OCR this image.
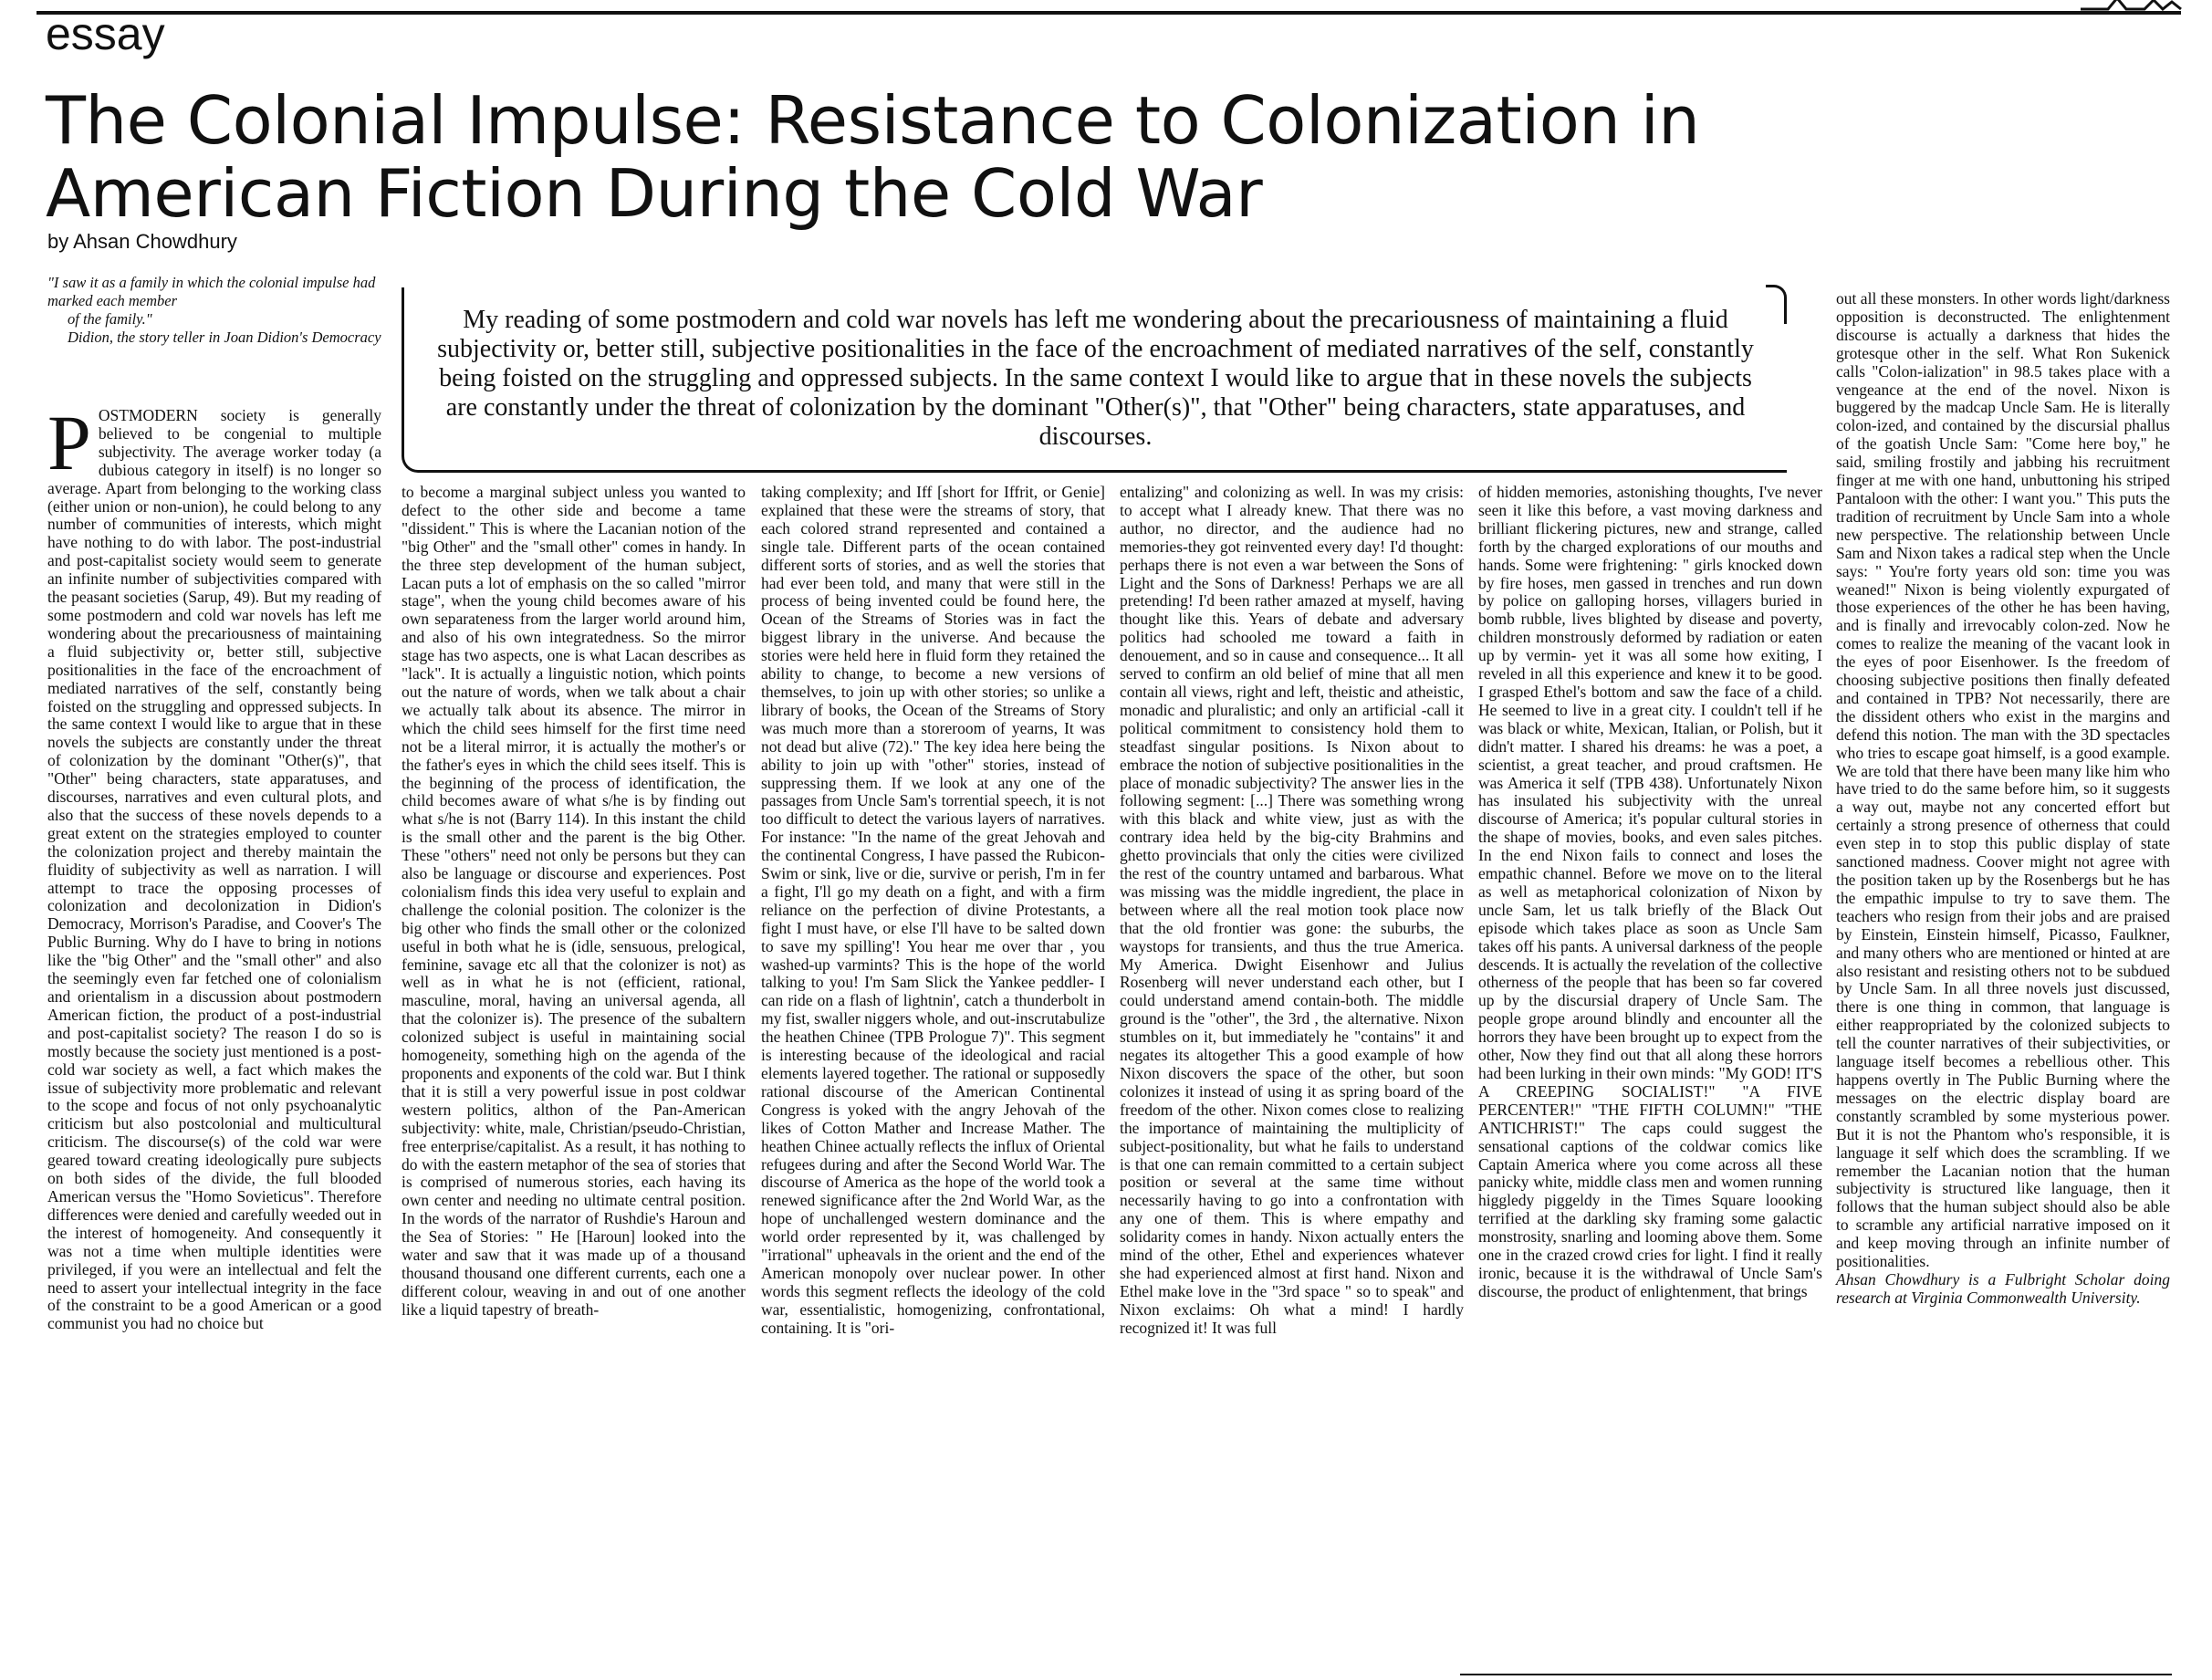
essay
The Colonial Impulse: Resistance to Colonization in American Fiction During the Cold War
by Ahsan Chowdhury

"I saw it as a family in which the colonial impulse had marked each member

of the family."

Didion, the story teller in Joan Didion's Democracy

My reading of some postmodern and cold war novels has left me wondering about the precariousness of maintaining a fluid subjectivity or, better still, subjective positionalities in the face of the encroachment of mediated narratives of the self, constantly being foisted on the struggling and oppressed subjects. In the same context I would like to argue that in these novels the subjects are constantly under the threat of colonization by the dominant "Other(s)", that "Other" being characters, state apparatuses, and discourses.

P OSTMODERN society is generally believed to be congenial to multiple subjectivity. The average worker today (a dubious category in itself) is no longer so average. Apart from belonging to the working class (either union or non-union), he could belong to any number of communities of interests, which might have nothing to do with labor. The post-industrial and post-capitalist society would seem to generate an infinite number of subjectivities compared with the peasant societies (Sarup, 49). But my reading of some postmodern and cold war novels has left me wondering about the precariousness of maintaining a fluid subjectivity or, better still, subjective positionalities in the face of the encroachment of mediated narratives of the self, constantly being foisted on the struggling and oppressed subjects. In the same context I would like to argue that in these novels the subjects are constantly under the threat of colonization by the dominant "Other(s)", that "Other" being characters, state apparatuses, and discourses, narratives and even cultural plots, and also that the success of these novels depends to a great extent on the strategies employed to counter the colonization project and thereby maintain the fluidity of subjectivity as well as narration. I will attempt to trace the opposing processes of colonization and decolonization in Didion's Democracy, Morrison's Paradise, and Coover's The Public Burning. Why do I have to bring in notions like the "big Other" and the "small other" and also the seemingly even far fetched one of colonialism and orientalism in a discussion about postmodern American fiction, the product of a post-industrial and post-capitalist society? The reason I do so is mostly because the society just mentioned is a post-cold war society as well, a fact which makes the issue of subjectivity more problematic and relevant to the scope and focus of not only psychoanalytic criticism but also postcolonial and multicultural criticism. The discourse(s) of the cold war were geared toward creating ideologically pure subjects on both sides of the divide, the full blooded American versus the "Homo Sovieticus". Therefore differences were denied and carefully weeded out in the interest of homogeneity. And consequently it was not a time when multiple identities were privileged, if you were an intellectual and felt the need to assert your intellectual integrity in the face of the constraint to be a good American or a good communist you had no choice but

to become a marginal subject unless you wanted to defect to the other side and become a tame "dissident." This is where the Lacanian notion of the "big Other" and the "small other" comes in handy. In the three step development of the human subject, Lacan puts a lot of emphasis on the so called "mirror stage", when the young child becomes aware of his own separateness from the larger world around him, and also of his own integratedness. So the mirror stage has two aspects, one is what Lacan describes as "lack". It is actually a linguistic notion, which points out the nature of words, when we talk about a chair we actually talk about its absence. The mirror in which the child sees himself for the first time need not be a literal mirror, it is actually the mother's or the father's eyes in which the child sees itself. This is the beginning of the process of identification, the child becomes aware of what s/he is by finding out what s/he is not (Barry 114). In this instant the child is the small other and the parent is the big Other. These "others" need not only be persons but they can also be language or discourse and experiences. Post colonialism finds this idea very useful to explain and challenge the colonial position. The colonizer is the big other who finds the small other or the colonized useful in both what he is (idle, sensuous, prelogical, feminine, savage etc all that the colonizer is not) as well as in what he is not (efficient, rational, masculine, moral, having an universal agenda, all that the colonizer is). The presence of the subaltern colonized subject is useful in maintaining social homogeneity, something high on the agenda of the proponents and exponents of the cold war. But I think that it is still a very powerful issue in post coldwar western politics, althon of the Pan-American subjectivity: white, male, Christian/pseudo-Christian, free enterprise/capitalist. As a result, it has nothing to do with the eastern metaphor of the sea of stories that is comprised of numerous stories, each having its own center and needing no ultimate central position. In the words of the narrator of Rushdie's Haroun and the Sea of Stories: " He [Haroun] looked into the water and saw that it was made up of a thousand thousand thousand one different currents, each one a different colour, weaving in and out of one another like a liquid tapestry of breath-

taking complexity; and Iff [short for Iffrit, or Genie] explained that these were the streams of story, that each colored strand represented and contained a single tale. Different parts of the ocean contained different sorts of stories, and as well the stories that had ever been told, and many that were still in the process of being invented could be found here, the Ocean of the Streams of Stories was in fact the biggest library in the universe. And because the stories were held here in fluid form they retained the ability to change, to become a new versions of themselves, to join up with other stories; so unlike a library of books, the Ocean of the Streams of Story was much more than a storeroom of yearns, It was not dead but alive (72)." The key idea here being the ability to join up with "other" stories, instead of suppressing them. If we look at any one of the passages from Uncle Sam's torrential speech, it is not too difficult to detect the various layers of narratives. For instance: "In the name of the great Jehovah and the continental Congress, I have passed the Rubicon-Swim or sink, live or die, survive or perish, I'm in fer a fight, I'll go my death on a fight, and with a firm reliance on the perfection of divine Protestants, a fight I must have, or else I'll have to be salted down to save my spilling'! You hear me over thar , you washed-up varmints? This is the hope of the world talking to you! I'm Sam Slick the Yankee peddler- I can ride on a flash of lightnin', catch a thunderbolt in my fist, swaller niggers whole, and out-inscrutabulize the heathen Chinee (TPB Prologue 7)". This segment is interesting because of the ideological and racial elements layered together. The rational or supposedly rational discourse of the American Continental Congress is yoked with the angry Jehovah of the likes of Cotton Mather and Increase Mather. The heathen Chinee actually reflects the influx of Oriental refugees during and after the Second World War. The discourse of America as the hope of the world took a renewed significance after the 2nd World War, as the hope of unchallenged western dominance and the world order represented by it, was challenged by "irrational" upheavals in the orient and the end of the American monopoly over nuclear power. In other words this segment reflects the ideology of the cold war, essentialistic, homogenizing, confrontational, containing. It is "ori-

entalizing" and colonizing as well. In was my crisis: to accept what I already knew. That there was no author, no director, and the audience had no memories-they got reinvented every day! I'd thought: perhaps there is not even a war between the Sons of Light and the Sons of Darkness! Perhaps we are all pretending! I'd been rather amazed at myself, having thought like this. Years of debate and adversary politics had schooled me toward a faith in denouement, and so in cause and consequence... It all served to confirm an old belief of mine that all men contain all views, right and left, theistic and atheistic, monadic and pluralistic; and only an artificial -call it political commitment to consistency hold them to steadfast singular positions. Is Nixon about to embrace the notion of subjective positionalities in the place of monadic subjectivity? The answer lies in the following segment: [...] There was something wrong with this black and white view, just as with the contrary idea held by the big-city Brahmins and ghetto provincials that only the cities were civilized the rest of the country untamed and barbarous. What was missing was the middle ingredient, the place in between where all the real motion took place now that the old frontier was gone: the suburbs, the waystops for transients, and thus the true America. My America. Dwight Eisenhowr and Julius Rosenberg will never understand each other, but I could understand amend contain-both. The middle ground is the "other", the 3rd , the alternative. Nixon stumbles on it, but immediately he "contains" it and negates its altogether This a good example of how Nixon discovers the space of the other, but soon colonizes it instead of using it as spring board of the freedom of the other. Nixon comes close to realizing the importance of maintaining the multiplicity of subject-positionality, but what he fails to understand is that one can remain committed to a certain subject position or several at the same time without necessarily having to go into a confrontation with any one of them. This is where empathy and solidarity comes in handy. Nixon actually enters the mind of the other, Ethel and experiences whatever she had experienced almost at first hand. Nixon and Ethel make love in the "3rd space " so to speak" and Nixon exclaims: Oh what a mind! I hardly recognized it! It was full

of hidden memories, astonishing thoughts, I've never seen it like this before, a vast moving darkness and brilliant flickering pictures, new and strange, called forth by the charged explorations of our mouths and hands. Some were frightening: " girls knocked down by fire hoses, men gassed in trenches and run down by police on galloping horses, villagers buried in bomb rubble, lives blighted by disease and poverty, children monstrously deformed by radiation or eaten up by vermin- yet it was all some how exiting, I reveled in all this experience and knew it to be good. I grasped Ethel's bottom and saw the face of a child. He seemed to live in a great city. I couldn't tell if he was black or white, Mexican, Italian, or Polish, but it didn't matter. I shared his dreams: he was a poet, a scientist, a great teacher, and proud craftsmen. He was America it self (TPB 438). Unfortunately Nixon has insulated his subjectivity with the unreal discourse of America; it's popular cultural stories in the shape of movies, books, and even sales pitches. In the end Nixon fails to connect and loses the empathic channel. Before we move on to the literal as well as metaphorical colonization of Nixon by uncle Sam, let us talk briefly of the Black Out episode which takes place as soon as Uncle Sam takes off his pants. A universal darkness of the people descends. It is actually the revelation of the collective otherness of the people that has been so far covered up by the discursial drapery of Uncle Sam. The people grope around blindly and encounter all the horrors they have been brought up to expect from the other, Now they find out that all along these horrors had been lurking in their own minds: "My GOD! IT'S A CREEPING SOCIALIST!" "A FIVE PERCENTER!" "THE FIFTH COLUMN!" "THE ANTICHRIST!" The caps could suggest the sensational captions of the coldwar comics like Captain America where you come across all these panicky white, middle class men and women running higgledy piggeldy in the Times Square loooking terrified at the darkling sky framing some galactic monstrosity, snarling and looming above them. Some one in the crazed crowd cries for light. I find it really ironic, because it is the withdrawal of Uncle Sam's discourse, the product of enlightenment, that brings

out all these monsters. In other words light/darkness opposition is deconstructed. The enlightenment discourse is actually a darkness that hides the grotesque other in the self. What Ron Sukenick calls "Colon-ialization" in 98.5 takes place with a vengeance at the end of the novel. Nixon is buggered by the madcap Uncle Sam. He is literally colon-ized, and contained by the discursial phallus of the goatish Uncle Sam: "Come here boy," he said, smiling frostily and jabbing his recruitment finger at me with one hand, unbuttoning his striped Pantaloon with the other: I want you." This puts the tradition of recruitment by Uncle Sam into a whole new perspective. The relationship between Uncle Sam and Nixon takes a radical step when the Uncle says: " You're forty years old son: time you was weaned!" Nixon is being violently expurgated of those experiences of the other he has been having, and is finally and irrevocably colon-zed. Now he comes to realize the meaning of the vacant look in the eyes of poor Eisenhower. Is the freedom of choosing subjective positions then finally defeated and contained in TPB? Not necessarily, there are the dissident others who exist in the margins and defend this notion. The man with the 3D spectacles who tries to escape goat himself, is a good example. We are told that there have been many like him who have tried to do the same before him, so it suggests a way out, maybe not any concerted effort but certainly a strong presence of otherness that could even step in to stop this public display of state sanctioned madness. Coover might not agree with the position taken up by the Rosenbergs but he has the empathic impulse to try to save them. The teachers who resign from their jobs and are praised by Einstein, Einstein himself, Picasso, Faulkner, and many others who are mentioned or hinted at are also resistant and resisting others not to be subdued by Uncle Sam. In all three novels just discussed, there is one thing in common, that language is either reappropriated by the colonized subjects to tell the counter narratives of their subjectivities, or language itself becomes a rebellious other. This happens overtly in The Public Burning where the messages on the electric display board are constantly scrambled by some mysterious power. But it is not the Phantom who's responsible, it is language it self which does the scrambling. If we remember the Lacanian notion that the human subjectivity is structured like language, then it follows that the human subject should also be able to scramble any artificial narrative imposed on it and keep moving through an infinite number of positionalities.

Ahsan Chowdhury is a Fulbright Scholar doing research at Virginia Commonwealth University.
